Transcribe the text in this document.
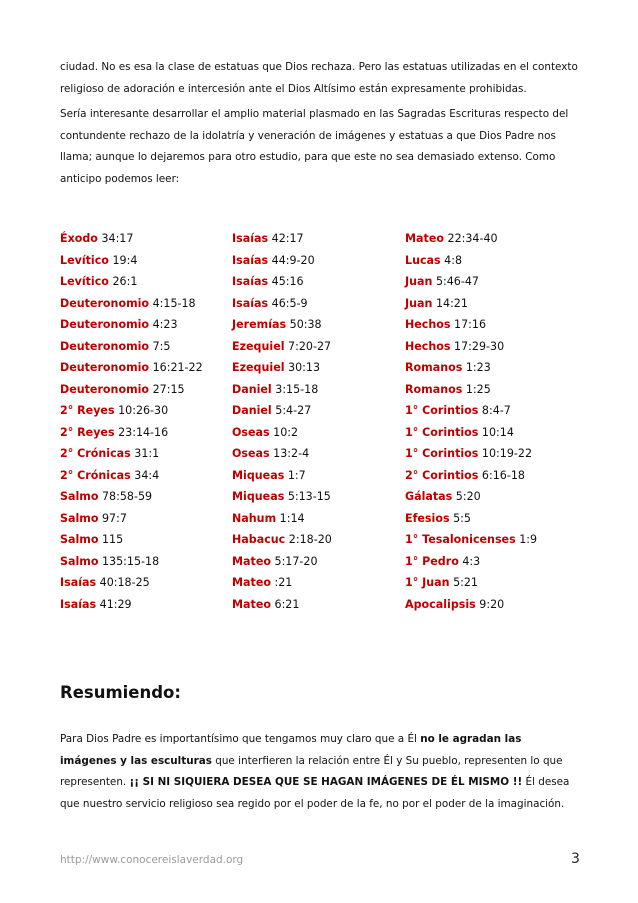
ciudad. No es esa la clase de estatuas que Dios rechaza. Pero las estatuas utilizadas en el contexto religioso de adoración e intercesión ante el Dios Altísimo están expresamente prohibidas.

Sería interesante desarrollar el amplio material plasmado en las Sagradas Escrituras respecto del contundente rechazo de la idolatría y veneración de imágenes y estatuas a que Dios Padre nos llama; aunque lo dejaremos para otro estudio, para que este no sea demasiado extenso. Como anticipo podemos leer:

Éxodo 34:17
Levítico 19:4
Levítico 26:1
Deuteronomio 4:15-18
Deuteronomio 4:23
Deuteronomio 7:5
Deuteronomio 16:21-22
Deuteronomio 27:15
2° Reyes 10:26-30
2° Reyes 23:14-16
2° Crónicas 31:1
2° Crónicas 34:4
Salmo 78:58-59
Salmo 97:7
Salmo 115
Salmo 135:15-18
Isaías 40:18-25
Isaías 41:29
Isaías 42:17
Isaías 44:9-20
Isaías 45:16
Isaías 46:5-9
Jeremías 50:38
Ezequiel 7:20-27
Ezequiel 30:13
Daniel 3:15-18
Daniel 5:4-27
Oseas 10:2
Oseas 13:2-4
Miqueas 1:7
Miqueas 5:13-15
Nahum 1:14
Habacuc 2:18-20
Mateo 5:17-20
Mateo :21
Mateo 6:21
Mateo 22:34-40
Lucas 4:8
Juan 5:46-47
Juan 14:21
Hechos 17:16
Hechos 17:29-30
Romanos 1:23
Romanos 1:25
1° Corintios 8:4-7
1° Corintios 10:14
1° Corintios 10:19-22
2° Corintios 6:16-18
Gálatas 5:20
Efesios 5:5
1° Tesalonicenses 1:9
1° Pedro 4:3
1° Juan 5:21
Apocalipsis 9:20
Resumiendo:

Para Dios Padre es importantísimo que tengamos muy claro que a Él no le agradan las imágenes y las esculturas que interfieren la relación entre Él y Su pueblo, representen lo que representen. ¡¡ SI NI SIQUIERA DESEA QUE SE HAGAN IMÁGENES DE ÉL MISMO !! Él desea que nuestro servicio religioso sea regido por el poder de la fe, no por el poder de la imaginación.

http://www.conocereislaverdad.org	3
